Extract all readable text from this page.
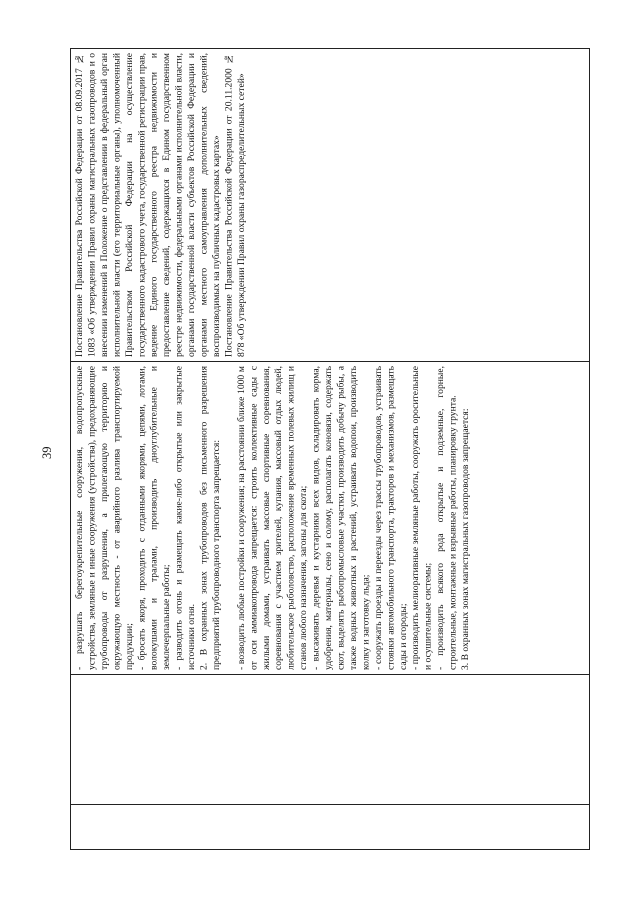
39

Постановление Правительства Российской Федерации от 08.09.2017 № 1083 «Об утверждении Правил охраны магистральных газопроводов и о внесении изменений в Положение о представлении в федеральный орган исполнительной власти (его территориальные органы), уполномоченный Правительством Российской Федерации на осуществление государственного кадастрового учета, государственной регистрации прав, ведение Единого государственного реестра недвижимости и предоставление сведений, содержащихся в Едином государственном реестре недвижимости, федеральными органами исполнительной власти, органами государственной власти субъектов Российской Федерации и органами местного самоуправления дополнительных сведений, воспроизводимых на публичных кадастровых картах» Постановление Правительства Российской Федерации от 20.11.2000 № 878 «Об утверждении Правил охраны газораспределительных сетей»

- разрушать берегоукрепительные сооружения, водопропускные устройства, земляные и иные сооружения (устройства), предохраняющие трубопроводы от разрушения, а прилегающую территорию и окружающую местность - от аварийного разлива транспортируемой продукции; - бросать якоря, проходить с отданными якорями, цепями, лотами, волокушами и тралами, производить дноуглубительные и землечерпальные работы; - разводить огонь и размещать какие-либо открытые или закрытые источники огня. 2. В охранных зонах трубопроводов без письменного разрешения предприятий трубопроводного транспорта запрещается: - возводить любые постройки и сооружения; на расстоянии ближе 1000 м от оси аммиакопровода запрещается: строить коллективные сады с жилыми домами, устраивать массовые спортивные соревнования, соревнования с участием зрителей, купания, массовый отдых людей, любительское рыболовство, расположение временных полевых жилищ и станов любого назначения, загоны для скота; - высаживать деревья и кустарники всех видов, складировать корма, удобрения, материалы, сено и солому, располагать коновязи, содержать скот, выделять рыбопромысловые участки, производить добычу рыбы, а также водных животных и растений, устраивать водопои, производить колку и заготовку льда; - сооружать проезды и переезды через трассы трубопроводов, устраивать стоянки автомобильного транспорта, тракторов и механизмов, размещать сады и огороды; - производить мелиоративные земляные работы, сооружать оросительные и осушительные системы; - производить всякого рода открытые и подземные, горные, строительные, монтажные и взрывные работы, планировку грунта. 3. В охранных зонах магистральных газопроводов запрещается:
